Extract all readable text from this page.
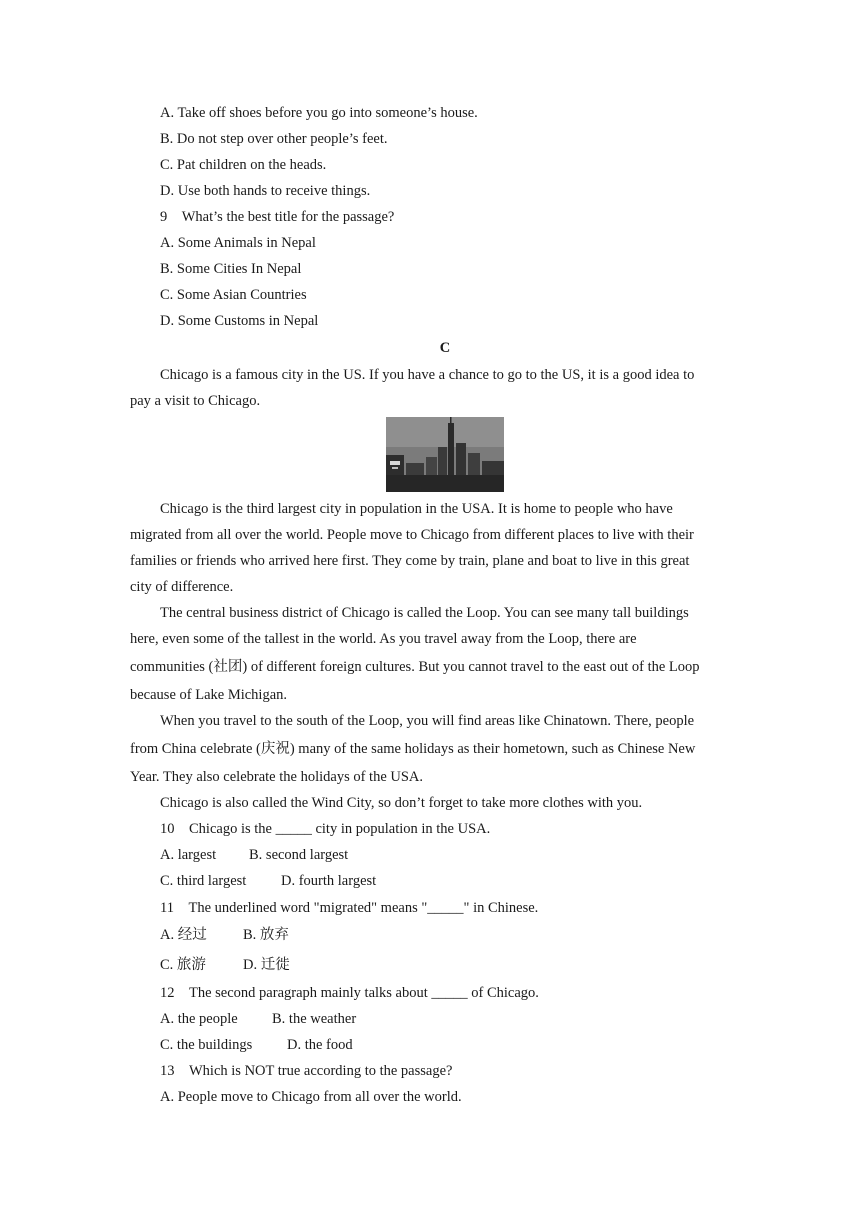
A. Take off shoes before you go into someone’s house.
B. Do not step over other people’s feet.
C. Pat children on the heads.
D. Use both hands to receive things.
9　What’s the best title for the passage?
A. Some Animals in Nepal
B. Some Cities In Nepal
C. Some Asian Countries
D. Some Customs in Nepal
C
Chicago is a famous city in the US. If you have a chance to go to the US, it is a good idea to
pay a visit to Chicago.
Chicago is the third largest city in population in the USA. It is home to people who have
migrated from all over the world. People move to Chicago from different places to live with their
families or friends who arrived here first. They come by train, plane and boat to live in this great
city of difference.
The central business district of Chicago is called the Loop. You can see many tall buildings
here, even some of the tallest in the world. As you travel away from the Loop, there are
communities (社团) of different foreign cultures. But you cannot travel to the east out of the Loop
because of Lake Michigan.
When you travel to the south of the Loop, you will find areas like Chinatown. There, people
from China celebrate (庆祝) many of the same holidays as their hometown, such as Chinese New
Year. They also celebrate the holidays of the USA.
Chicago is also called the Wind City, so don’t forget to take more clothes with you.
10　Chicago is the _____ city in population in the USA.
A. largest B. second largest
C. third largest D. fourth largest
11　The underlined word "migrated" means "_____" in Chinese.
A. 经过	B. 放弃
C. 旅游	D. 迁徙
12　The second paragraph mainly talks about _____ of Chicago.
A. the people B. the weather
C. the buildings D. the food
13　Which is NOT true according to the passage?
A. People move to Chicago from all over the world.
